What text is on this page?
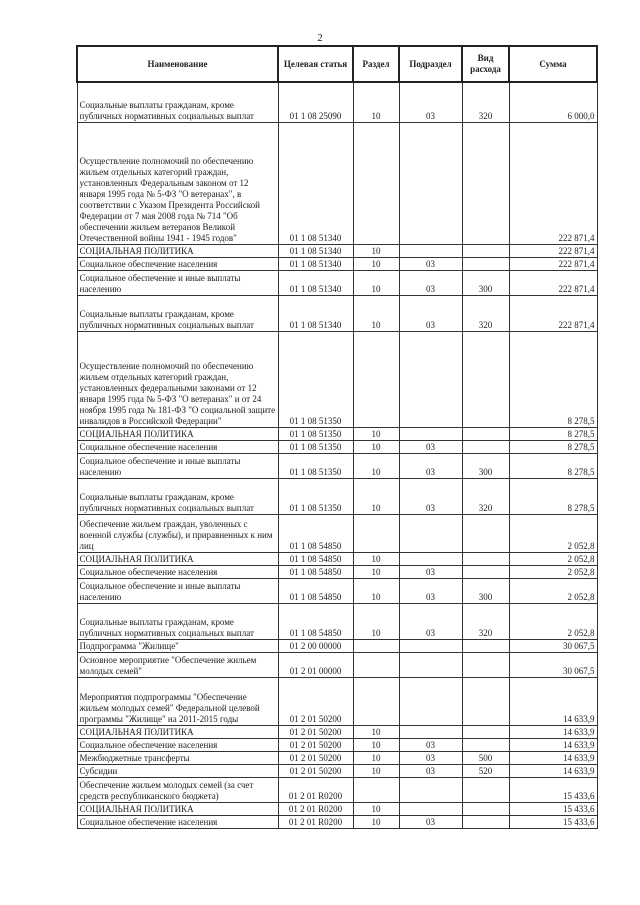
2
Наименование	Целевая статья	Раздел	Подраздел	Вид расхода	Сумма
Социальные выплаты гражданам, кроме публичных нормативных социальных выплат	01 1 08 25090	10	03	320	6 000,0
Осуществление полномочий по обеспечению жильем отдельных категорий граждан, установленных Федеральным законом от 12 января 1995 года № 5-ФЗ "О ветеранах", в соответствии с Указом Президента Российской Федерации от 7 мая 2008 года № 714 "Об обеспечении жильем ветеранов Великой Отечественной войны 1941 - 1945 годов"	01 1 08 51340				222 871,4
СОЦИАЛЬНАЯ ПОЛИТИКА	01 1 08 51340	10			222 871,4
Социальное обеспечение населения	01 1 08 51340	10	03		222 871,4
Социальное обеспечение и иные выплаты населению	01 1 08 51340	10	03	300	222 871,4
Социальные выплаты гражданам, кроме публичных нормативных социальных выплат	01 1 08 51340	10	03	320	222 871,4
Осуществление полномочий по обеспечению жильем отдельных категорий граждан, установленных федеральными законами от 12 января 1995 года № 5-ФЗ "О ветеранах" и от 24 ноября 1995 года № 181-ФЗ "О социальной защите инвалидов в Российской Федерации"	01 1 08 51350				8 278,5
СОЦИАЛЬНАЯ ПОЛИТИКА	01 1 08 51350	10			8 278,5
Социальное обеспечение населения	01 1 08 51350	10	03		8 278,5
Социальное обеспечение и иные выплаты населению	01 1 08 51350	10	03	300	8 278,5
Социальные выплаты гражданам, кроме публичных нормативных социальных выплат	01 1 08 51350	10	03	320	8 278,5
Обеспечение жильем граждан, уволенных с военной службы (службы), и приравненных к ним лиц	01 1 08 54850				2 052,8
СОЦИАЛЬНАЯ ПОЛИТИКА	01 1 08 54850	10			2 052,8
Социальное обеспечение населения	01 1 08 54850	10	03		2 052,8
Социальное обеспечение и иные выплаты населению	01 1 08 54850	10	03	300	2 052,8
Социальные выплаты гражданам, кроме публичных нормативных социальных выплат	01 1 08 54850	10	03	320	2 052,8
Подпрограмма "Жилище"	01 2 00 00000				30 067,5
Основное мероприятие "Обеспечение жильем молодых семей"	01 2 01 00000				30 067,5
Мероприятия подпрограммы "Обеспечение жильем молодых семей" Федеральной целевой программы "Жилище" на 2011-2015 годы	01 2 01 50200				14 633,9
СОЦИАЛЬНАЯ ПОЛИТИКА	01 2 01 50200	10			14 633,9
Социальное обеспечение населения	01 2 01 50200	10	03		14 633,9
Межбюджетные трансферты	01 2 01 50200	10	03	500	14 633,9
Субсидии	01 2 01 50200	10	03	520	14 633,9
Обеспечение жильем молодых семей (за счет средств республиканского бюджета)	01 2 01 R0200				15 433,6
СОЦИАЛЬНАЯ ПОЛИТИКА	01 2 01 R0200	10			15 433,6
Социальное обеспечение населения	01 2 01 R0200	10	03		15 433,6
